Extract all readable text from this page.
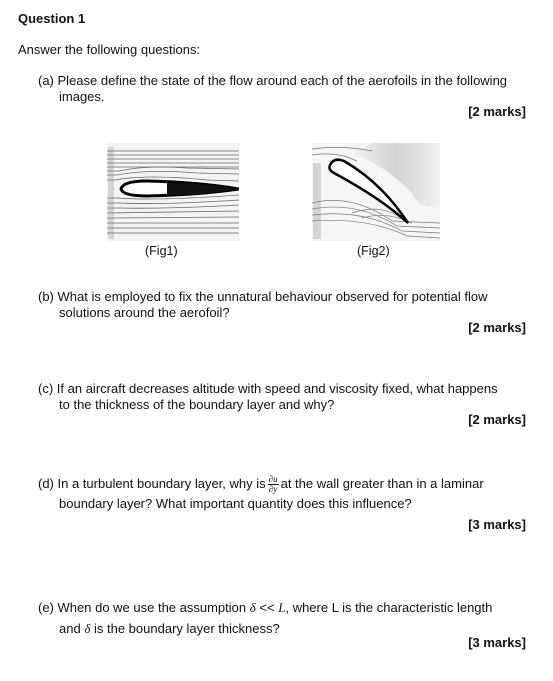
Question 1
Answer the following questions:
(a) Please define the state of the flow around each of the aerofoils in the following
images.
[2 marks]
(Fig1)	(Fig2)
(b) What is employed to fix the unnatural behaviour observed for potential flow
solutions around the aerofoil?
[2 marks]
(c) If an aircraft decreases altitude with speed and viscosity fixed, what happens
to the thickness of the boundary layer and why?
[2 marks]
(d) In a turbulent boundary layer, why is $\frac{\partial u}{\partial y}$ at the wall greater than in a laminar
boundary layer? What important quantity does this influence?
[3 marks]
(e) When do we use the assumption δ << L, where L is the characteristic length
and δ is the boundary layer thickness?
[3 marks]
